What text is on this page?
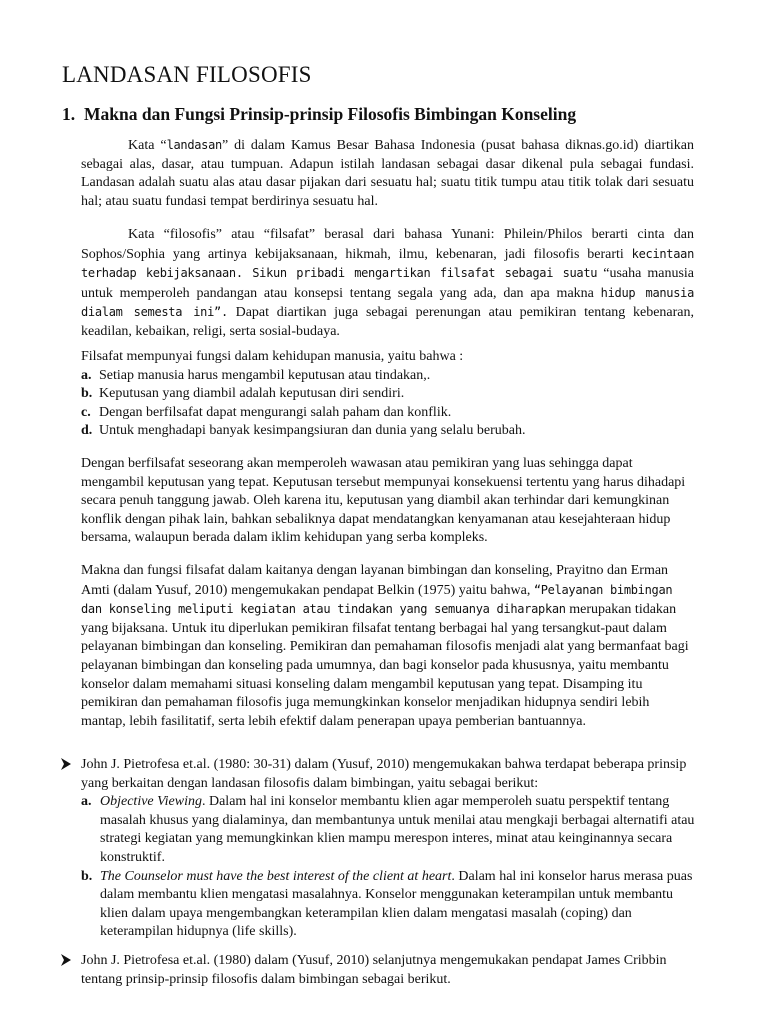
LANDASAN FILOSOFIS
1. Makna dan Fungsi Prinsip-prinsip Filosofis Bimbingan Konseling

Kata “landasan” di dalam Kamus Besar Bahasa Indonesia (pusat bahasa diknas.go.id) diartikan sebagai alas, dasar, atau tumpuan. Adapun istilah landasan sebagai dasar dikenal pula sebagai fundasi. Landasan adalah suatu alas atau dasar pijakan dari sesuatu hal; suatu titik tumpu atau titik tolak dari sesuatu hal; atau suatu fundasi tempat berdirinya sesuatu hal.

Kata “filosofis” atau “filsafat” berasal dari bahasa Yunani: Philein/Philos berarti cinta dan Sophos/Sophia yang artinya kebijaksanaan, hikmah, ilmu, kebenaran, jadi filosofis berarti kecintaan terhadap kebijaksanaan. Sikun pribadi mengartikan filsafat sebagai suatu “usaha manusia untuk memperoleh pandangan atau konsepsi tentang segala yang ada, dan apa makna hidup manusia dialam semesta ini”. Dapat diartikan juga sebagai perenungan atau pemikiran tentang kebenaran, keadilan, kebaikan, religi, serta sosial-budaya.

Filsafat mempunyai fungsi dalam kehidupan manusia, yaitu bahwa :
a. Setiap manusia harus mengambil keputusan atau tindakan,.
b. Keputusan yang diambil adalah keputusan diri sendiri.
c. Dengan berfilsafat dapat mengurangi salah paham dan konflik.
d. Untuk menghadapi banyak kesimpangsiuran dan dunia yang selalu berubah.

Dengan berfilsafat seseorang akan memperoleh wawasan atau pemikiran yang luas sehingga dapat mengambil keputusan yang tepat. Keputusan tersebut mempunyai konsekuensi tertentu yang harus dihadapi secara penuh tanggung jawab. Oleh karena itu, keputusan yang diambil akan terhindar dari kemungkinan konflik dengan pihak lain, bahkan sebaliknya dapat mendatangkan kenyamanan atau kesejahteraan hidup bersama, walaupun berada dalam iklim kehidupan yang serba kompleks.

Makna dan fungsi filsafat dalam kaitanya dengan layanan bimbingan dan konseling, Prayitno dan Erman Amti (dalam Yusuf, 2010) mengemukakan pendapat Belkin (1975) yaitu bahwa, “Pelayanan bimbingan dan konseling meliputi kegiatan atau tindakan yang semuanya diharapkan merupakan tidakan yang bijaksana. Untuk itu diperlukan pemikiran filsafat tentang berbagai hal yang tersangkut-paut dalam pelayanan bimbingan dan konseling. Pemikiran dan pemahaman filosofis menjadi alat yang bermanfaat bagi pelayanan bimbingan dan konseling pada umumnya, dan bagi konselor pada khususnya, yaitu membantu konselor dalam memahami situasi konseling dalam mengambil keputusan yang tepat. Disamping itu pemikiran dan pemahaman filosofis juga memungkinkan konselor menjadikan hidupnya sendiri lebih mantap, lebih fasilitatif, serta lebih efektif dalam penerapan upaya pemberian bantuannya.

John J. Pietrofesa et.al. (1980: 30-31) dalam (Yusuf, 2010) mengemukakan bahwa terdapat beberapa prinsip yang berkaitan dengan landasan filosofis dalam bimbingan, yaitu sebagai berikut:
a. Objective Viewing. Dalam hal ini konselor membantu klien agar memperoleh suatu perspektif tentang masalah khusus yang dialaminya, dan membantunya untuk menilai atau mengkaji berbagai alternatifi atau strategi kegiatan yang memungkinkan klien mampu merespon interes, minat atau keinginannya secara konstruktif.
b. The Counselor must have the best interest of the client at heart. Dalam hal ini konselor harus merasa puas dalam membantu klien mengatasi masalahnya. Konselor menggunakan keterampilan untuk membantu klien dalam upaya mengembangkan keterampilan klien dalam mengatasi masalah (coping) dan keterampilan hidupnya (life skills).
John J. Pietrofesa et.al. (1980) dalam (Yusuf, 2010) selanjutnya mengemukakan pendapat James Cribbin tentang prinsip-prinsip filosofis dalam bimbingan sebagai berikut.
